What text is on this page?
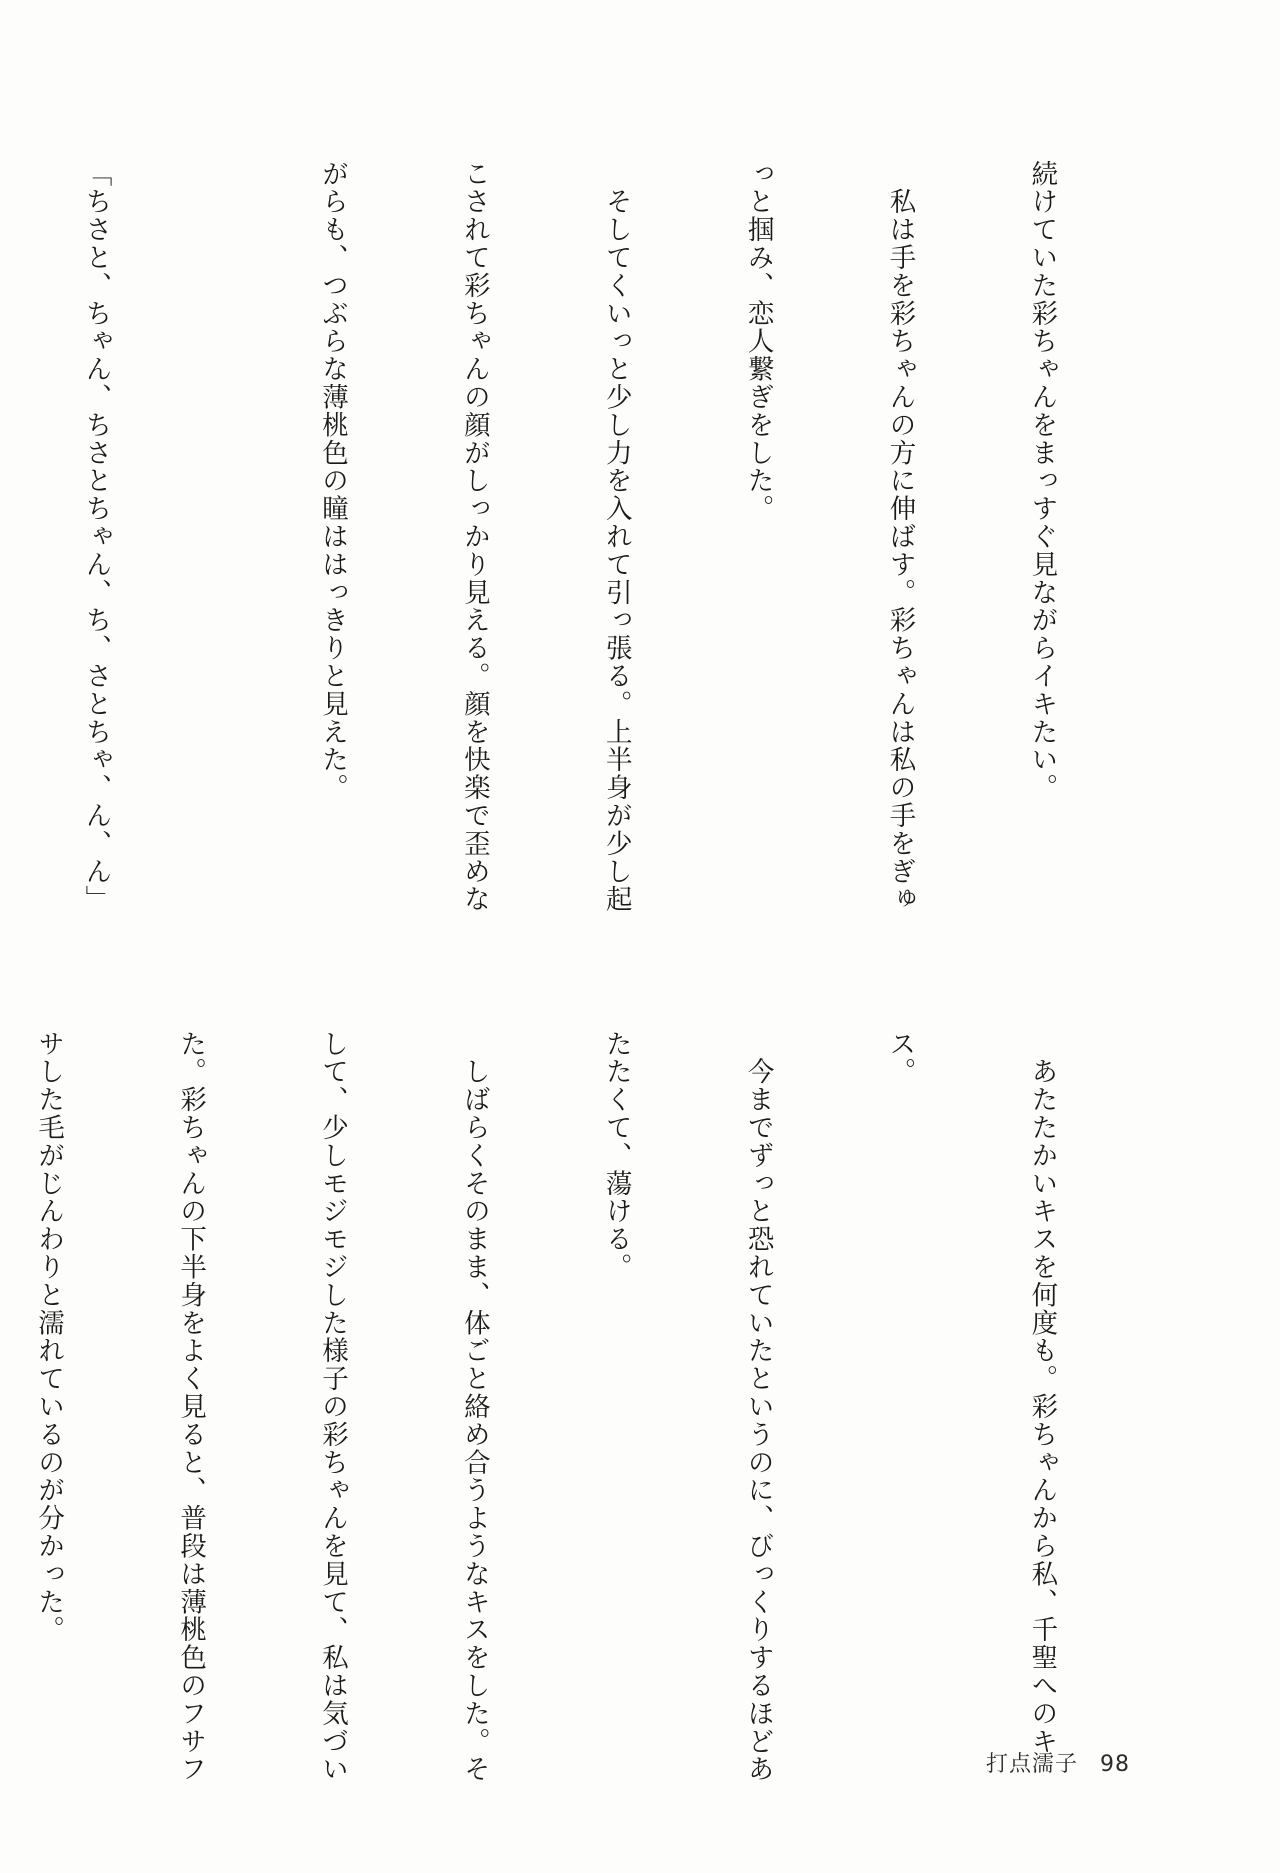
続けていた彩ちゃんをまっすぐ見ながらイキたい。

　私は手を彩ちゃんの方に伸ばす。彩ちゃんは私の手をぎゅ

っと掴み、恋人繋ぎをした。

　そしてくいっと少し力を入れて引っ張る。上半身が少し起

こされて彩ちゃんの顔がしっかり見える。顔を快楽で歪めな

がらも、つぶらな薄桃色の瞳ははっきりと見えた。

「ちさと、ちゃん、ちさとちゃん、ち、さとちゃ、ん、ん」

　あたたかいキスを何度も。彩ちゃんから私、千聖へのキ

ス。

　今までずっと恐れていたというのに、びっくりするほどあ

たたくて、蕩ける。

　しばらくそのまま、体ごと絡め合うようなキスをした。そ

して、少しモジモジした様子の彩ちゃんを見て、私は気づい

た。彩ちゃんの下半身をよく見ると、普段は薄桃色のフサフ

サした毛がじんわりと濡れているのが分かった。

打点濡子 98
